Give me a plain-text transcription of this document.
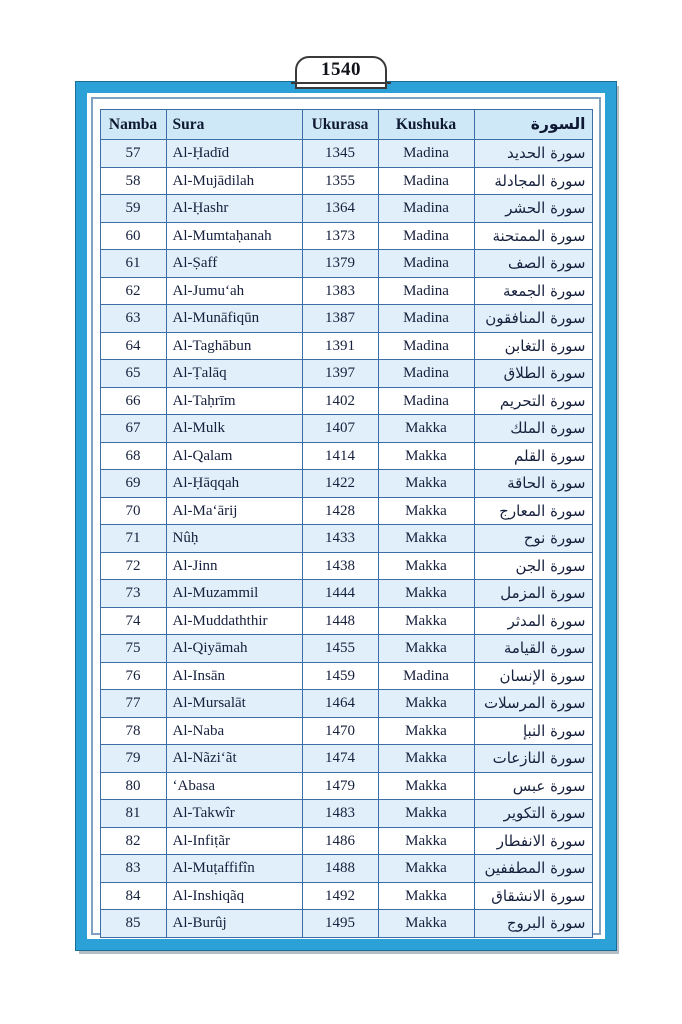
1540
Namba	Sura	Ukurasa	Kushuka	السورة
57	Al-Ḥadīd	1345	Madina	سورة الحديد
58	Al-Mujādilah	1355	Madina	سورة المجادلة
59	Al-Ḥashr	1364	Madina	سورة الحشر
60	Al-Mumtaḥanah	1373	Madina	سورة الممتحنة
61	Al-Ṣaff	1379	Madina	سورة الصف
62	Al-Jumu‘ah	1383	Madina	سورة الجمعة
63	Al-Munāfiqūn	1387	Madina	سورة المنافقون
64	Al-Taghābun	1391	Madina	سورة التغابن
65	Al-Ṭalāq	1397	Madina	سورة الطلاق
66	Al-Taḥrīm	1402	Madina	سورة التحريم
67	Al-Mulk	1407	Makka	سورة الملك
68	Al-Qalam	1414	Makka	سورة القلم
69	Al-Ḥāqqah	1422	Makka	سورة الحاقة
70	Al-Ma‘ārij	1428	Makka	سورة المعارج
71	Nûḥ	1433	Makka	سورة نوح
72	Al-Jinn	1438	Makka	سورة الجن
73	Al-Muzammil	1444	Makka	سورة المزمل
74	Al-Muddaththir	1448	Makka	سورة المدثر
75	Al-Qiyāmah	1455	Makka	سورة القيامة
76	Al-Insān	1459	Madina	سورة الإنسان
77	Al-Mursalāt	1464	Makka	سورة المرسلات
78	Al-Naba	1470	Makka	سورة النبإ
79	Al-Nãzi‘ãt	1474	Makka	سورة النازعات
80	‘Abasa	1479	Makka	سورة عبس
81	Al-Takwîr	1483	Makka	سورة التكوير
82	Al-Infiṭãr	1486	Makka	سورة الانفطار
83	Al-Muṭaffifîn	1488	Makka	سورة المطففين
84	Al-Inshiqãq	1492	Makka	سورة الانشقاق
85	Al-Burûj	1495	Makka	سورة البروج
